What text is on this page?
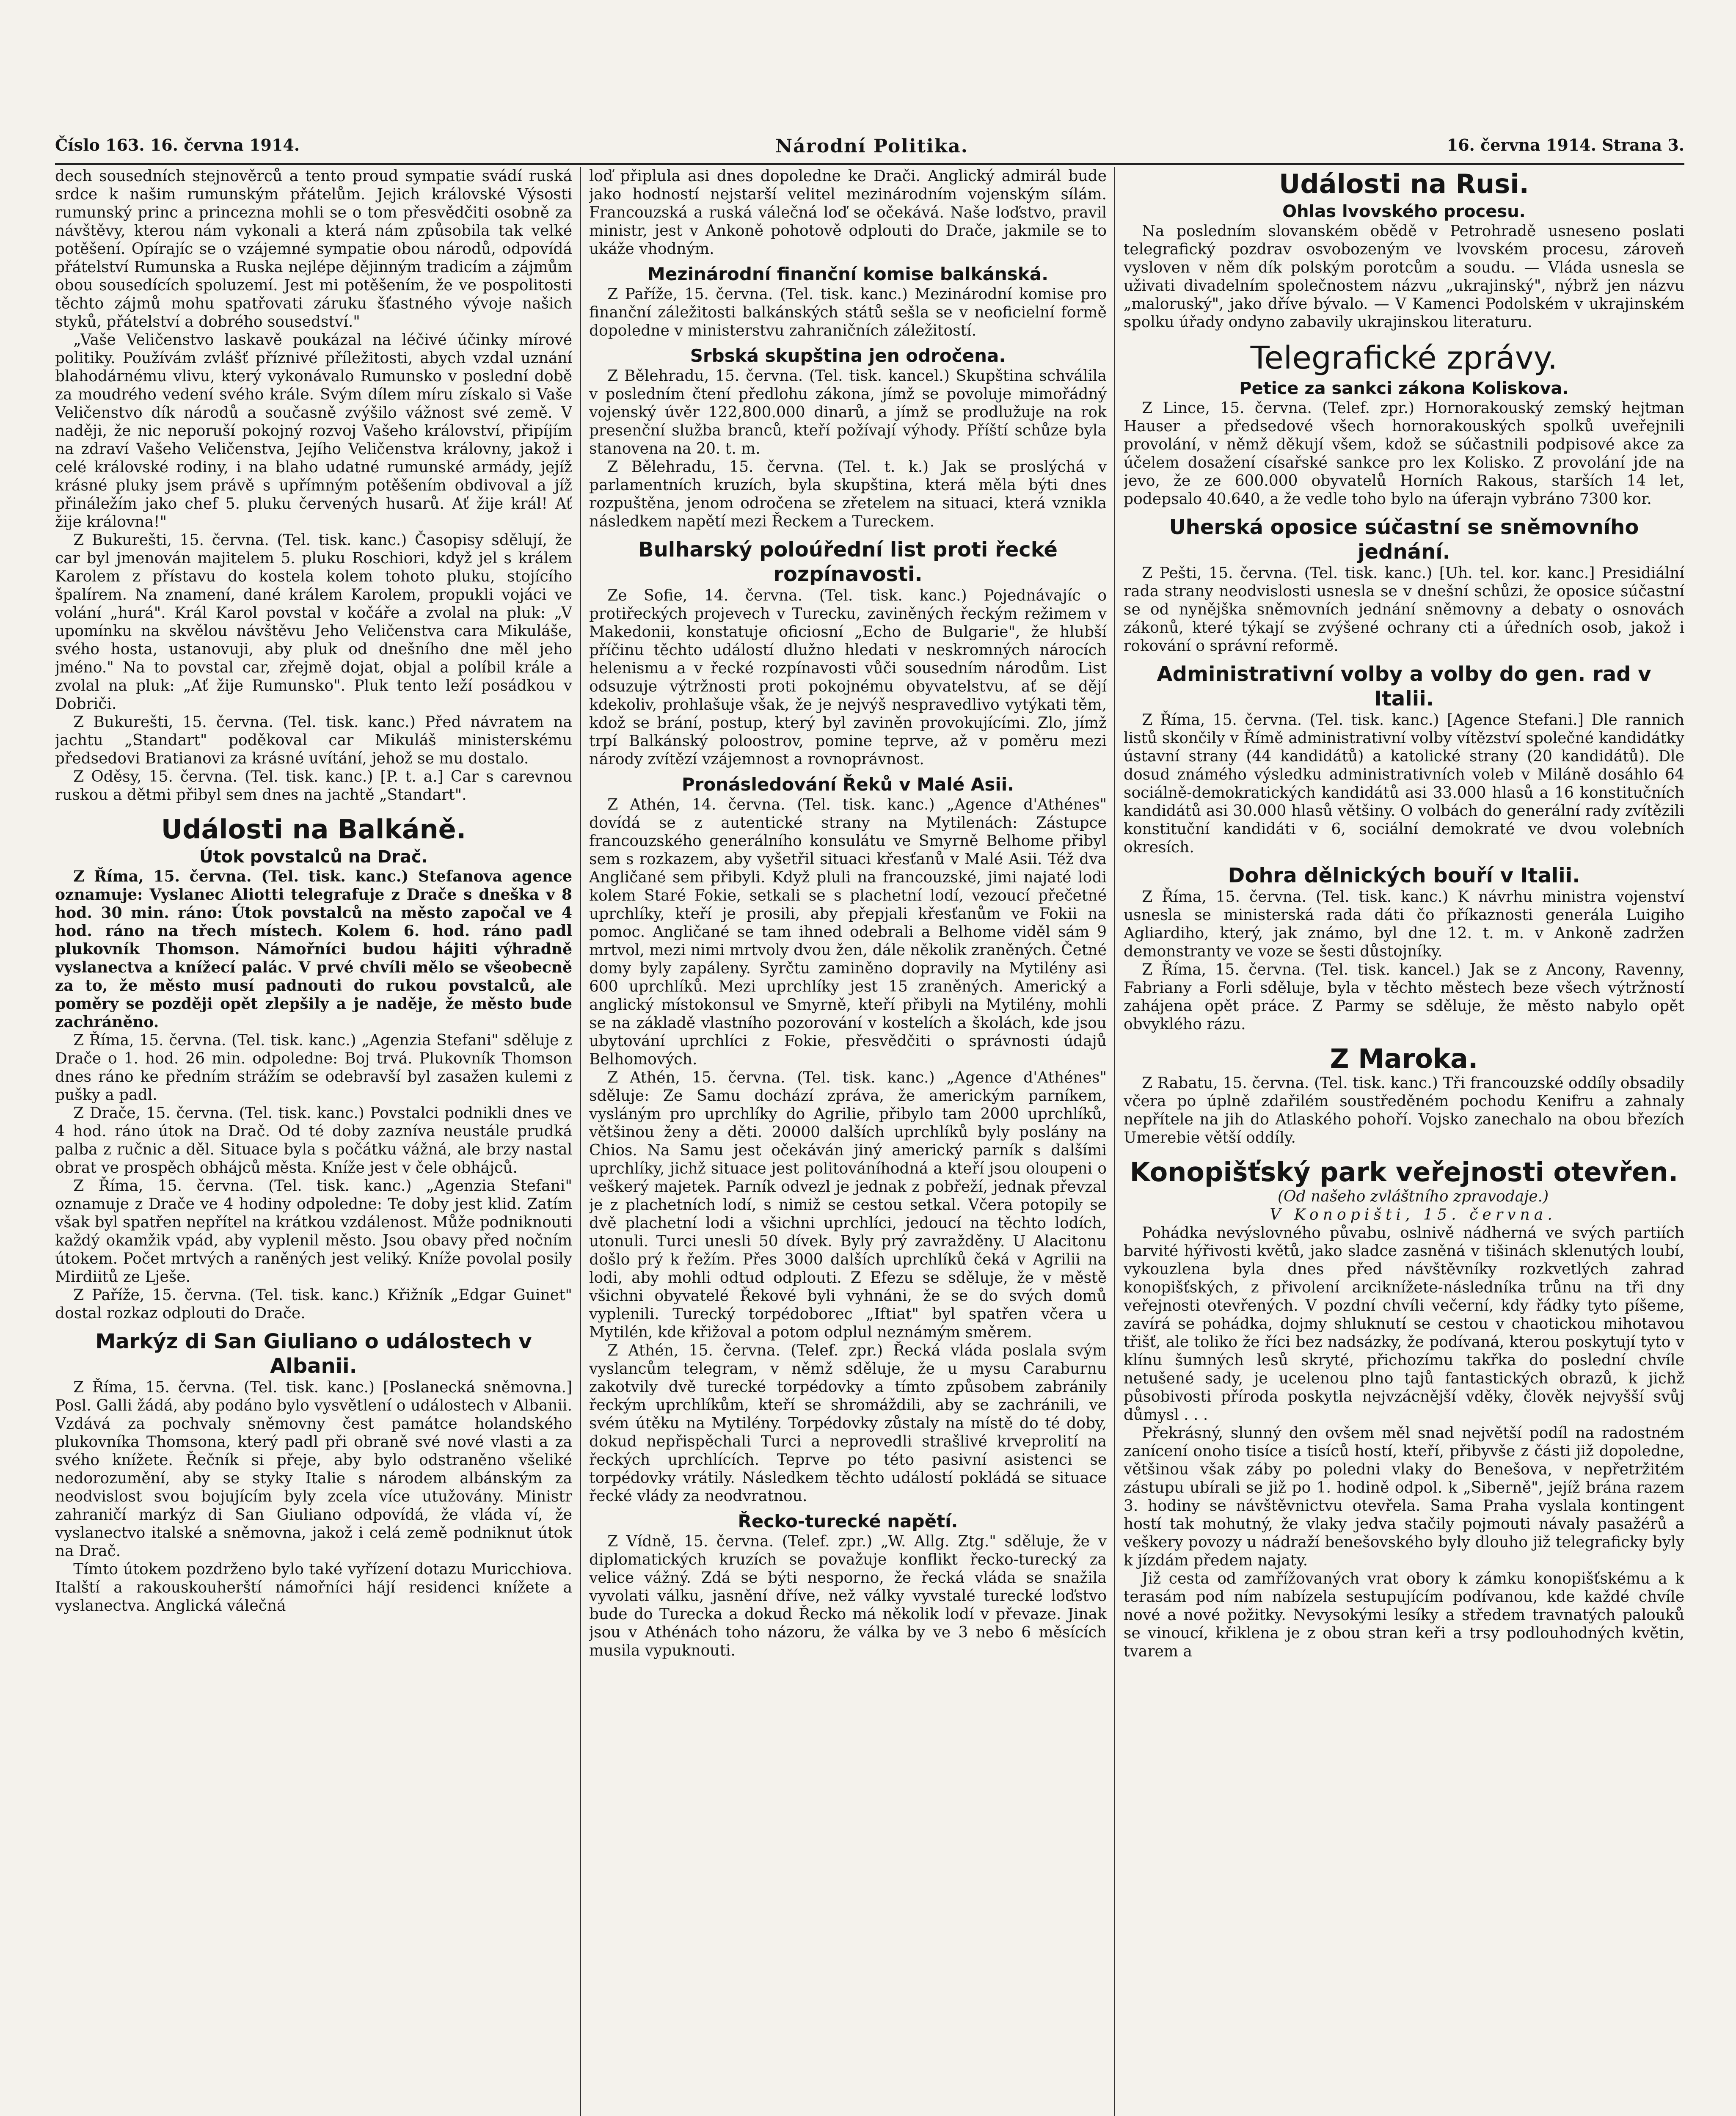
Číslo 163. 16. června 1914.	Národní Politika.	16. června 1914. Strana 3.

dech sousedních stejnověrců a tento proud sympatie svádí ruská srdce k našim rumunským přátelům. Jejich královské Výsosti rumunský princ a princezna mohli se o tom přesvědčiti osobně za návštěvy, kterou nám vykonali a která nám způsobila tak velké potěšení. Opírajíc se o vzájemné sympatie obou národů, odpovídá přátelství Rumunska a Ruska nejlépe dějinným tradicím a zájmům obou sousedících spoluzemí. Jest mi potěšením, že ve pospolitosti těchto zájmů mohu spatřovati záruku šťastného vývoje našich styků, přátelství a dobrého sousedství."

„Vaše Veličenstvo laskavě poukázal na léčivé účinky mírové politiky. Používám zvlášť příznivé příležitosti, abych vzdal uznání blahodárnému vlivu, který vykonávalo Rumunsko v poslední době za moudrého vedení svého krále. Svým dílem míru získalo si Vaše Veličenstvo dík národů a současně zvýšilo vážnost své země. V naději, že nic neporuší pokojný rozvoj Vašeho království, připíjím na zdraví Vašeho Veličenstva, Jejího Veličenstva královny, jakož i celé královské rodiny, i na blaho udatné rumunské armády, jejíž krásné pluky jsem právě s upřímným potěšením obdivoval a jíž přináležím jako chef 5. pluku červených husarů. Ať žije král! Ať žije královna!"

Z Bukurešti, 15. června. (Tel. tisk. kanc.) Časopisy sdělují, že car byl jmenován majitelem 5. pluku Roschiori, když jel s králem Karolem z přístavu do kostela kolem tohoto pluku, stojícího špalírem. Na znamení, dané králem Karolem, propukli vojáci ve volání „hurá". Král Karol povstal v kočáře a zvolal na pluk: „V upomínku na skvělou návštěvu Jeho Veličenstva cara Mikuláše, svého hosta, ustanovuji, aby pluk od dnešního dne měl jeho jméno." Na to povstal car, zřejmě dojat, objal a políbil krále a zvolal na pluk: „Ať žije Rumunsko". Pluk tento leží posádkou v Dobriči.

Z Bukurešti, 15. června. (Tel. tisk. kanc.) Před návratem na jachtu „Standart" poděkoval car Mikuláš ministerskému předsedovi Bratianovi za krásné uvítání, jehož se mu dostalo.

Z Oděsy, 15. června. (Tel. tisk. kanc.) [P. t. a.] Car s carevnou ruskou a dětmi přibyl sem dnes na jachtě „Standart".

Události na Balkáně.
Útok povstalců na Drač.

Z Říma, 15. června. (Tel. tisk. kanc.) Stefanova agence oznamuje: Vyslanec Aliotti telegrafuje z Drače s dneška v 8 hod. 30 min. ráno: Útok povstalců na město započal ve 4 hod. ráno na třech místech. Kolem 6. hod. ráno padl plukovník Thomson. Námořníci budou hájiti výhradně vyslanectva a knížecí palác. V prvé chvíli mělo se všeobecně za to, že město musí padnouti do rukou povstalců, ale poměry se později opět zlepšily a je naděje, že město bude zachráněno.

Z Říma, 15. června. (Tel. tisk. kanc.) „Agenzia Stefani" sděluje z Drače o 1. hod. 26 min. odpoledne: Boj trvá. Plukovník Thomson dnes ráno ke předním strážím se odebravší byl zasažen kulemi z pušky a padl.

Z Drače, 15. června. (Tel. tisk. kanc.) Povstalci podnikli dnes ve 4 hod. ráno útok na Drač. Od té doby zazníva neustále prudká palba z ručnic a děl. Situace byla s počátku vážná, ale brzy nastal obrat ve prospěch obhájců města. Kníže jest v čele obhájců.

Z Říma, 15. června. (Tel. tisk. kanc.) „Agenzia Stefani" oznamuje z Drače ve 4 hodiny odpoledne: Te doby jest klid. Zatím však byl spatřen nepřítel na krátkou vzdálenost. Může podniknouti každý okamžik vpád, aby vyplenil město. Jsou obavy před nočním útokem. Počet mrtvých a raněných jest veliký. Kníže povolal posily Mirdiitů ze Lješe.

Z Paříže, 15. června. (Tel. tisk. kanc.) Křižník „Edgar Guinet" dostal rozkaz odplouti do Drače.

Markýz di San Giuliano o událostech v Albanii.

Z Říma, 15. června. (Tel. tisk. kanc.) [Poslanecká sněmovna.] Posl. Galli žádá, aby podáno bylo vysvětlení o událostech v Albanii. Vzdává za pochvaly sněmovny čest památce holandského plukovníka Thomsona, který padl při obraně své nové vlasti a za svého knížete. Řečník si přeje, aby bylo odstraněno všeliké nedorozumění, aby se styky Italie s národem albánským za neodvislost svou bojujícím byly zcela více utužovány. Ministr zahraničí markýz di San Giuliano odpovídá, že vláda ví, že vyslanectvo italské a sněmovna, jakož i celá země podniknut útok na Drač.

Tímto útokem pozdrženo bylo také vyřízení dotazu Muricchiova. Italští a rakouskouherští námořníci hájí residenci knížete a vyslanectva. Anglická válečná

loď připlula asi dnes dopoledne ke Drači. Anglický admirál bude jako hodností nejstarší velitel mezinárodním vojenským sílám. Francouzská a ruská válečná loď se očekává. Naše loďstvo, pravil ministr, jest v Ankoně pohotově odplouti do Drače, jakmile se to ukáže vhodným.

Mezinárodní finanční komise balkánská.

Z Paříže, 15. června. (Tel. tisk. kanc.) Mezinárodní komise pro finanční záležitosti balkánských států sešla se v neoficielní formě dopoledne v ministerstvu zahraničních záležitostí.

Srbská skupština jen odročena.

Z Bělehradu, 15. června. (Tel. tisk. kancel.) Skupština schválila v posledním čtení předlohu zákona, jímž se povoluje mimořádný vojenský úvěr 122,800.000 dinarů, a jímž se prodlužuje na rok presenční služba branců, kteří požívají výhody. Příští schůze byla stanovena na 20. t. m.

Z Bělehradu, 15. června. (Tel. t. k.) Jak se proslýchá v parlamentních kruzích, byla skupština, která měla býti dnes rozpuštěna, jenom odročena se zřetelem na situaci, která vznikla následkem napětí mezi Řeckem a Tureckem.

Bulharský poloúřední list proti řecké rozpínavosti.

Ze Sofie, 14. června. (Tel. tisk. kanc.) Pojednávajíc o protiřeckých projevech v Turecku, zaviněných řeckým režimem v Makedonii, konstatuje oficiosní „Echo de Bulgarie", že hlubší příčinu těchto událostí dlužno hledati v neskromných nárocích helenismu a v řecké rozpínavosti vůči sousedním národům. List odsuzuje výtržnosti proti pokojnému obyvatelstvu, ať se dějí kdekoliv, prohlašuje však, že je nejvýš nespravedlivo vytýkati těm, kdož se brání, postup, který byl zaviněn provokujícími. Zlo, jímž trpí Balkánský poloostrov, pomine teprve, až v poměru mezi národy zvítězí vzájemnost a rovnoprávnost.

Pronásledování Řeků v Malé Asii.

Z Athén, 14. června. (Tel. tisk. kanc.) „Agence d'Athénes" dovídá se z autentické strany na Mytilenách: Zástupce francouzského generálního konsulátu ve Smyrně Belhome přibyl sem s rozkazem, aby vyšetřil situaci křesťanů v Malé Asii. Též dva Angličané sem přibyli. Když pluli na francouzské, jimi najaté lodi kolem Staré Fokie, setkali se s plachetní lodí, vezoucí přečetné uprchlíky, kteří je prosili, aby přepjali křesťanům ve Fokii na pomoc. Angličané se tam ihned odebrali a Belhome viděl sám 9 mrtvol, mezi nimi mrtvoly dvou žen, dále několik zraněných. Četné domy byly zapáleny. Syrčtu zaminěno dopravily na Mytilény asi 600 uprchlíků. Mezi uprchlíky jest 15 zraněných. Americký a anglický místokonsul ve Smyrně, kteří přibyli na Mytilény, mohli se na základě vlastního pozorování v kostelích a školách, kde jsou ubytování uprchlíci z Fokie, přesvědčiti o správnosti údajů Belhomových.

Z Athén, 15. června. (Tel. tisk. kanc.) „Agence d'Athénes" sděluje: Ze Samu dochází zpráva, že americkým parníkem, vysláným pro uprchlíky do Agrilie, přibylo tam 2000 uprchlíků, většinou ženy a děti. 20000 dalších uprchlíků byly poslány na Chios. Na Samu jest očekáván jiný americký parník s dalšími uprchlíky, jichž situace jest politováníhodná a kteří jsou oloupeni o veškerý majetek. Parník odvezl je jednak z pobřeží, jednak převzal je z plachetních lodí, s nimiž se cestou setkal. Včera potopily se dvě plachetní lodi a všichni uprchlíci, jedoucí na těchto lodích, utonuli. Turci unesli 50 dívek. Byly prý zavražděny. U Alacitonu došlo prý k řežím. Přes 3000 dalších uprchlíků čeká v Agrilii na lodi, aby mohli odtud odplouti. Z Efezu se sděluje, že v městě všichni obyvatelé Řekové byli vyhnáni, že se do svých domů vyplenili. Turecký torpédoborec „Iftiat" byl spatřen včera u Mytilén, kde křižoval a potom odplul neznámým směrem.

Z Athén, 15. června. (Telef. zpr.) Řecká vláda poslala svým vyslancům telegram, v němž sděluje, že u mysu Caraburnu zakotvily dvě turecké torpédovky a tímto způsobem zabránily řeckým uprchlíkům, kteří se shromáždili, aby se zachránili, ve svém útěku na Mytilény. Torpédovky zůstaly na místě do té doby, dokud nepřispěchali Turci a neprovedli strašlivé krveprolití na řeckých uprchlících. Teprve po této pasivní asistenci se torpédovky vrátily. Následkem těchto událostí pokládá se situace řecké vlády za neodvratnou.

Řecko-turecké napětí.

Z Vídně, 15. června. (Telef. zpr.) „W. Allg. Ztg." sděluje, že v diplomatických kruzích se považuje konflikt řecko-turecký za velice vážný. Zdá se býti nesporno, že řecká vláda se snažila vyvolati válku, jasnění dříve, než války vyvstalé turecké loďstvo bude do Turecka a dokud Řecko má několik lodí v převaze. Jinak jsou v Athénách toho názoru, že válka by ve 3 nebo 6 měsících musila vypuknouti.

Události na Rusi.
Ohlas lvovského procesu.

Na posledním slovanském obědě v Petrohradě usneseno poslati telegrafický pozdrav osvobozeným ve lvovském procesu, zároveň vysloven v něm dík polským porotcům a soudu. — Vláda usnesla se uživati divadelním společnostem názvu „ukrajinský", nýbrž jen názvu „maloruský", jako dříve bývalo. — V Kamenci Podolském v ukrajinském spolku úřady ondyno zabavily ukrajinskou literaturu.

Telegrafické zprávy.
Petice za sankci zákona Koliskova.

Z Lince, 15. června. (Telef. zpr.) Hornorakouský zemský hejtman Hauser a předsedové všech hornorakouských spolků uveřejnili provolání, v němž děkují všem, kdož se súčastnili podpisové akce za účelem dosažení císařské sankce pro lex Kolisko. Z provolání jde na jevo, že ze 600.000 obyvatelů Horních Rakous, starších 14 let, podepsalo 40.640, a že vedle toho bylo na úferajn vybráno 7300 kor.

Uherská oposice súčastní se sněmovního jednání.

Z Pešti, 15. června. (Tel. tisk. kanc.) [Uh. tel. kor. kanc.] Presidiální rada strany neodvislosti usnesla se v dnešní schůzi, že oposice súčastní se od nynějška sněmovních jednání sněmovny a debaty o osnovách zákonů, které týkají se zvýšené ochrany cti a úředních osob, jakož i rokování o správní reformě.

Administrativní volby a volby do gen. rad v Italii.

Z Říma, 15. června. (Tel. tisk. kanc.) [Agence Stefani.] Dle rannich listů skončily v Římě administrativní volby vítězství společné kandidátky ústavní strany (44 kandidátů) a katolické strany (20 kandidátů). Dle dosud známého výsledku administrativních voleb v Miláně dosáhlo 64 sociálně-demokratických kandidátů asi 33.000 hlasů a 16 konstitučních kandidátů asi 30.000 hlasů většiny. O volbách do generální rady zvítězili konstituční kandidáti v 6, sociální demokraté ve dvou volebních okresích.

Dohra dělnických bouří v Italii.

Z Říma, 15. června. (Tel. tisk. kanc.) K návrhu ministra vojenství usnesla se ministerská rada dáti čo příkaznosti generála Luigiho Agliardiho, který, jak známo, byl dne 12. t. m. v Ankoně zadržen demonstranty ve voze se šesti důstojníky.

Z Říma, 15. června. (Tel. tisk. kancel.) Jak se z Ancony, Ravenny, Fabriany a Forli sděluje, byla v těchto městech beze všech výtržností zahájena opět práce. Z Parmy se sděluje, že město nabylo opět obvyklého rázu.

Z Maroka.

Z Rabatu, 15. června. (Tel. tisk. kanc.) Tři francouzské oddíly obsadily včera po úplně zdařilém soustředěném pochodu Kenifru a zahnaly nepřítele na jih do Atlaského pohoří. Vojsko zanechalo na obou březích Umerebie větší oddíly.

Konopišťský park veřejnosti otevřen.

(Od našeho zvláštního zpravodaje.)

V Konopišti, 15. června.

Pohádka nevýslovného půvabu, oslnivě nádherná ve svých partiích barvité hýřivosti květů, jako sladce zasněná v tišinách sklenutých loubí, vykouzlena byla dnes před návštěvníky rozkvetlých zahrad konopišťských, z přivolení arciknížete-následníka trůnu na tři dny veřejnosti otevřených. V pozdní chvíli večerní, kdy řádky tyto píšeme, zavírá se pohádka, dojmy shluknutí se cestou v chaotickou mihotavou třišť, ale toliko že říci bez nadsázky, že podívaná, kterou poskytují tyto v klínu šumných lesů skryté, přichozímu takřka do poslední chvíle netušené sady, je ucelenou plno tajů fantastických obrazů, k jichž působivosti příroda poskytla nejvzácnější vděky, člověk nejvyšší svůj důmysl . . .

Překrásný, slunný den ovšem měl snad největší podíl na radostném zanícení onoho tisíce a tisíců hostí, kteří, přibyvše z části již dopoledne, většinou však záby po poledni vlaky do Benešova, v nepřetržitém zástupu ubírali se již po 1. hodině odpol. k „Siberně", jejíž brána razem 3. hodiny se návštěvnictvu otevřela. Sama Praha vyslala kontingent hostí tak mohutný, že vlaky jedva stačily pojmouti návaly pasažérů a veškery povozy u nádraží benešovského byly dlouho již telegraficky byly k jízdám předem najaty.

Již cesta od zamřížovaných vrat obory k zámku konopišťskému a k terasám pod ním nabízela sestupujícím podívanou, kde každé chvíle nové a nové požitky. Nevysokými lesíky a středem travnatých palouků se vinoucí, křiklena je z obou stran keři a trsy podlouhodných květin, tvarem a
